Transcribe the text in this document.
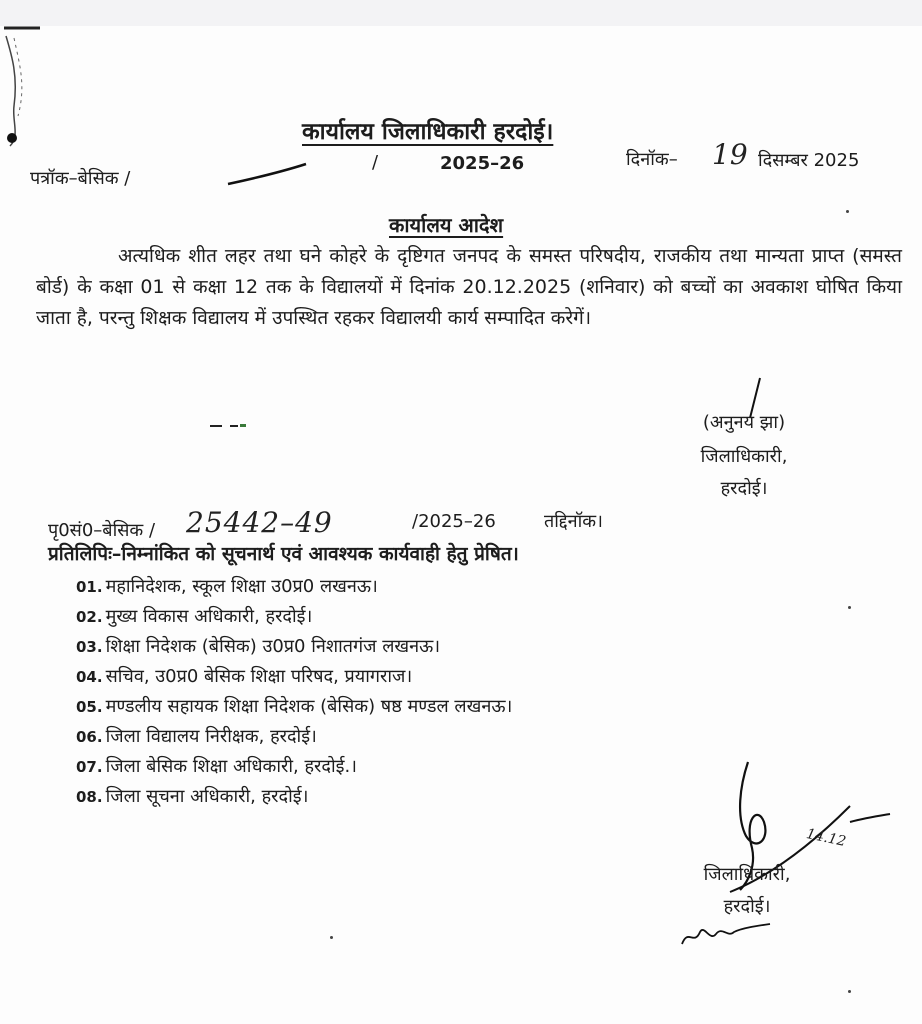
कार्यालय जिलाधिकारी हरदोई।
पत्रॉक–बेसिक /
/	2025–26	दिनॉक– 19 दिसम्बर 2025
कार्यालय आदेश

अत्यधिक शीत लहर तथा घने कोहरे के दृष्टिगत जनपद के समस्त परिषदीय, राजकीय तथा मान्यता प्राप्त (समस्त बोर्ड) के कक्षा 01 से कक्षा 12 तक के विद्यालयों में दिनांक 20.12.2025 (शनिवार) को बच्चों का अवकाश घोषित किया जाता है, परन्तु शिक्षक विद्यालय में उपस्थित रहकर विद्यालयी कार्य सम्पादित करेगें।

(अनुनय झा)
जिलाधिकारी,
हरदोई।
पृ0सं0–बेसिक / 25442–49	/2025–26	तद्दिनॉक।
प्रतिलिपिः–निम्नांकित को सूचनार्थ एवं आवश्यक कार्यवाही हेतु प्रेषित।
01. महानिदेशक, स्कूल शिक्षा उ0प्र0 लखनऊ।
02. मुख्य विकास अधिकारी, हरदोई।
03. शिक्षा निदेशक (बेसिक) उ0प्र0 निशातगंज लखनऊ।
04. सचिव, उ0प्र0 बेसिक शिक्षा परिषद, प्रयागराज।
05. मण्डलीय सहायक शिक्षा निदेशक (बेसिक) षष्ठ मण्डल लखनऊ।
06. जिला विद्यालय निरीक्षक, हरदोई।
07. जिला बेसिक शिक्षा अधिकारी, हरदोई.।
08. जिला सूचना अधिकारी, हरदोई।
14.12
जिलाधिकारी,
हरदोई।
